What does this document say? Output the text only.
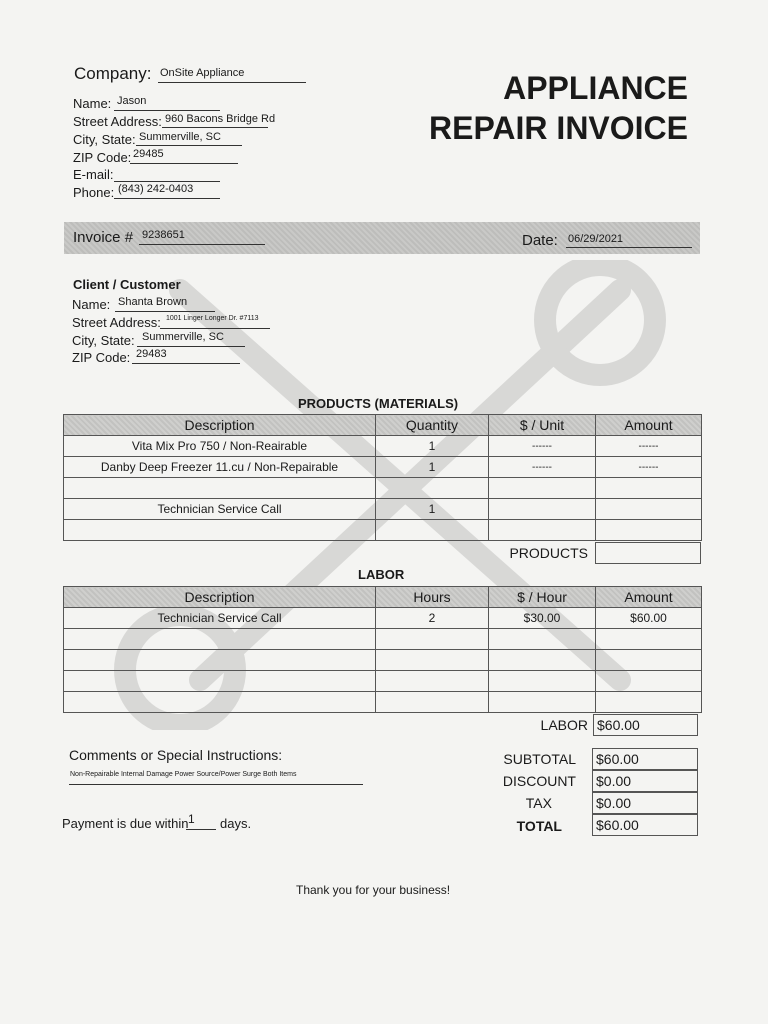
Company: OnSite Appliance
Name: Jason
Street Address: 960 Bacons Bridge Rd
City, State: Summerville, SC
ZIP Code: 29485
E-mail:
Phone: (843) 242-0403
APPLIANCE
REPAIR INVOICE
Invoice # 9238651	Date: 06/29/2021
Client / Customer
Name: Shanta Brown
Street Address: 1001 Linger Longer Dr. #7113
City, State: Summerville, SC
ZIP Code: 29483
PRODUCTS (MATERIALS)
Description	Quantity	$ / Unit	Amount
Vita Mix Pro 750 / Non-Reairable	1	------	------
Danby Deep Freezer 11.cu / Non-Repairable	1	------	------

Technician Service Call	1		

PRODUCTS
LABOR
Description	Hours	$ / Hour	Amount
Technician Service Call	2	$30.00	$60.00

LABOR $60.00
Comments or Special Instructions:
Non-Repairable Internal Damage Power Source/Power Surge Both Items
Payment is due within 1 days.
SUBTOTAL $60.00
DISCOUNT $0.00
TAX	$0.00
TOTAL $60.00
Thank you for your business!
